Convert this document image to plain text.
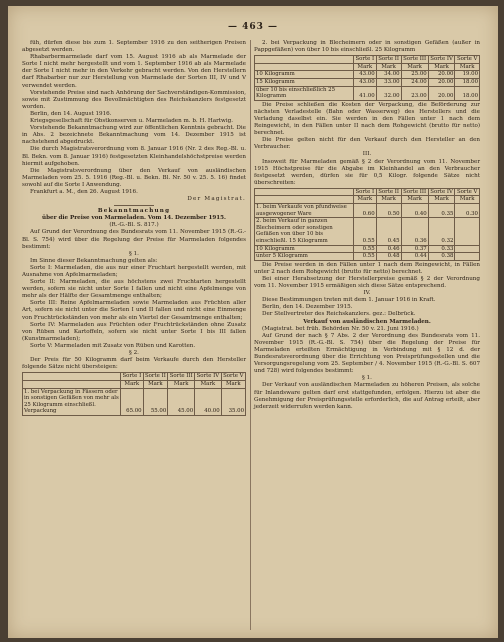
— 463 —

füh, dürfen diese bis zum 1. September 1916 zu den seitherigen Preisen abgesetzt werden.

Rhabarbermarmelade darf vom 15. August 1916 ab als Marmelade der Sorte I nicht mehr hergestellt und vom 1. September 1916 ab als Marmelade der Sorte I nicht mehr in den Verkehr gebracht werden. Von den Herstellern darf Rhabarber nur zur Herstellung von Marmelade der Sorten III, IV und V verwendet werden.

Vorstehende Preise sind nach Anhörung der Sachverständigen-Kommission, sowie mit Zustimmung des Bevollmächtigten des Reichskanzlers festgesetzt worden.

Berlin, den 14. August 1916.

Kriegsgesellschaft für Obstkonserven u. Marmeladen m. b. H. Hartwig.

Vorstehende Bekanntmachung wird zur öffentlichen Kenntnis gebracht. Die in Abs. 2 bezeichnete Bekanntmachung vom 14. Dezember 1915 ist nachstehend abgedruckt.

Die durch Magistratsverordnung vom 8. Januar 1916 (Nr. 2 des Reg.-Bl. u. Bl. Bekn. vom 8. Januar 1916) festgesetzten Kleinhandelshöchstpreise werden hiermit aufgehoben.

Die Magistratsverordnung über den Verkauf von ausländischen Marmeladen vom 25. 5. 1916 (Reg.-Bl. u. Bekn. Bl. Nr. 50 v. 25. 5. 16) findet sowohl auf die Sorte I Anwendung.

Frankfurt a. M., den 26. August 1916.

Der Magistrat.

Bekanntmachung

über die Preise von Marmeladen. Vom 14. Dezember 1915.

(R.-G.-Bl. S. 817.)

Auf Grund der Verordnung des Bundesrats vom 11. November 1915 (R.-G.-Bl. S. 754) wird über die Regelung der Preise für Marmeladen folgendes bestimmt:

§ 1.

Im Sinne dieser Bekanntmachung gelten als:

Sorte I: Marmeladen, die aus nur einer Fruchtart hergestellt werden, mit Ausnahme von Apfelmarmeladen;

Sorte II: Marmeladen, die aus höchstens zwei Fruchtarten hergestellt werden, sofern sie nicht unter Sorte I fallen und nicht eine Apfelmenge von mehr als der Hälfte der Gesamtmenge enthalten;

Sorte III: Reine Apfelmarmeladen sowie Marmeladen aus Früchten aller Art, sofern sie nicht unter die Sorten I und II fallen und nicht eine Einmenge von Fruchtrückständen von mehr als ein Viertel der Gesamtmenge enthalten;

Sorte IV: Marmeladen aus Früchten oder Fruchtrückständen ohne Zusatz von Rüben und Kartoffeln, sofern sie nicht unter Sorte I bis III fallen (Kunstmarmeladen);

Sorte V: Marmeladen mit Zusatz von Rüben und Karotten.

§ 2.

Der Preis für 50 Kilogramm darf beim Verkaufe durch den Hersteller folgende Sätze nicht übersteigen:

	Sorte I	Sorte II	Sorte III	Sorte IV	Sorte V
	Mark	Mark	Mark	Mark	Mark
1. bei Verpackung in Fässern oder in sonstigen Gefäßen von mehr als 25 Kilogramm einschließl. Verpackung	65.00	55.00	45.00	40.00	35.00

2. bei Verpackung in Blecheimern oder in sonstigen Gefäßen (außer in Pappgefäßen) von über 10 bis einschließl. 25 Kilogramm

	Sorte I	Sorte II	Sorte III	Sorte IV	Sorte V
	Mark	Mark	Mark	Mark	Mark
10 Kilogramm	43.00	34.00	25.00	20.00	19.00
15 Kilogramm	43.00	33.00	24.00	20.00	18.00
über 10 bis einschließlich 25 Kilogramm	41.00	32.00	23.00	20.00	18.00

Die Preise schließen die Kosten der Verpackung, die Beförderung zur nächsten Verladestelle (Bahn oder Wasserweg) des Herstellers und die Verladung daselbst ein. Sie werden in den Fällen unter 1 nach dem Reingewicht, in den Fällen unter II nach dem Rohgewicht (brutto für netto) berechnet.

Die Preise gelten nicht für den Verkauf durch den Hersteller an den Verbraucher.

III.

Insoweit für Marmeladen gemäß § 2 der Verordnung vom 11. November 1915 Höchstpreise für die Abgabe im Kleinhandel an den Verbraucher festgesetzt werden, dürfen sie für 0,5 Kilogr. folgende Sätze nicht überschreiten:

	Sorte I	Sorte II	Sorte III	Sorte IV	Sorte V
	Mark	Mark	Mark	Mark	Mark
1. beim Verkaufe von pfundweise ausgewogener Ware	0.60	0.50	0.40	0.35	0.30
2. beim Verkauf in ganzen Blecheimern oder sonstigen Gefäßen von über 10 bis einschließl. 15 Kilogramm	0.55	0.45	0.36	0.32	
10 Kilogramm	0.55	0.46	0.37	0.33	
unter 5 Kilogramm	0.55	0.48	0.44	0.38	

Die Preise werden in den Fällen unter 1 nach dem Reingewicht, in Fällen unter 2 nach dem Rohgewicht (brutto für netto) berechnet.

Bei einer Herabsetzung der Herstellerpreise gemäß § 2 der Verordnung vom 11. November 1915 ermäßigen sich diese Sätze entsprechend.

IV.

Diese Bestimmungen treten mit dem 1. Januar 1916 in Kraft.

Berlin, den 14. Dezember 1915.

Der Stellvertreter des Reichskanzlers. gez.: Delbrück.

Verkauf von ausländischen Marmeladen.

(Magistrat. bet früh. Behörden Nr. 50 v. 21. Juni 1916.)

Auf Grund der nach § 7 Abs. 2 der Verordnung des Bundesrats vom 11. November 1915 (R.-G.-Bl. S. 754) über die Regelung der Preise für Marmeladen erteilten Ermächtigung in Verbindung mit § 12 d. der Bundesratsverordnung über die Errichtung von Preisprüfungsstellen und die Versorgungsregelung vom 25. September / 4. November 1915 (R.-G.-Bl. S. 607 und 728) wird folgendes bestimmt:

§ 1.

Der Verkauf von ausländischen Marmeladen zu höheren Preisen, als solche für Inlandsware gelten darf erst stattgefunden, erfolgen. Hierzu ist aber die Genehmigung der Preisprüfungsstelle erforderlich, die auf Antrag erteilt, aber jederzeit widerrufen werden kann.
